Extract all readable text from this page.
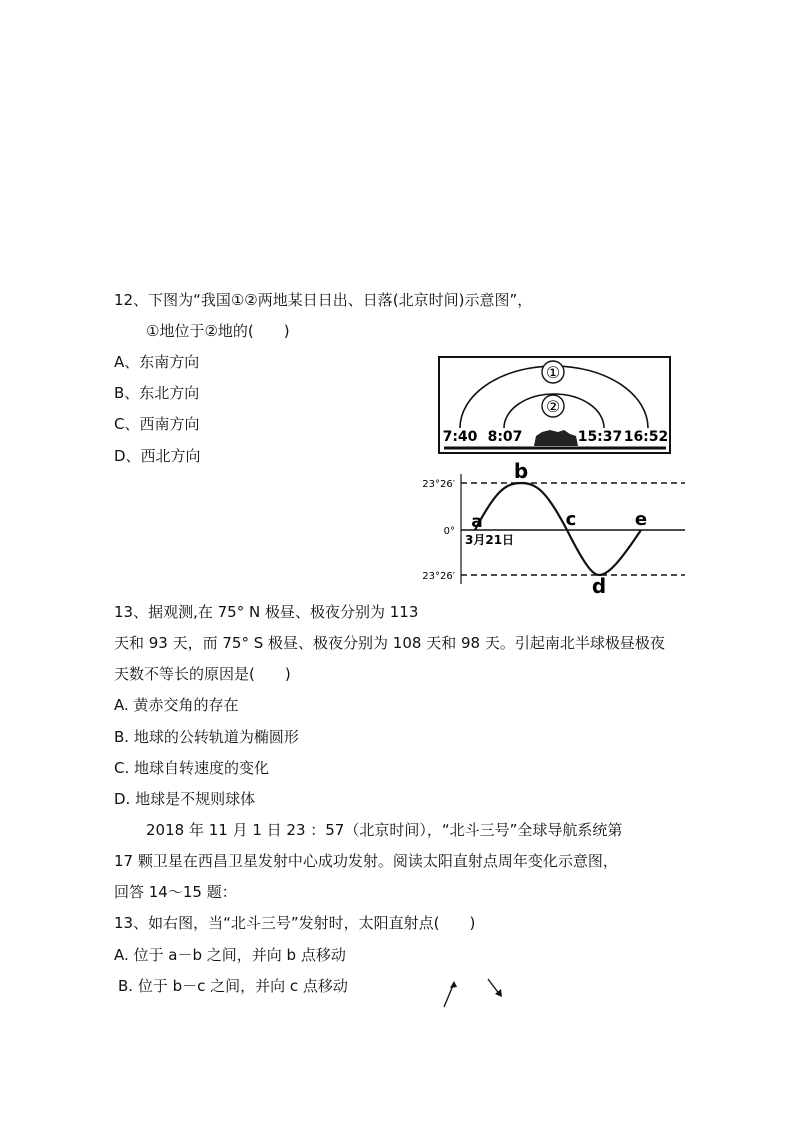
12、下图为“我国①②两地某日日出、日落(北京时间)示意图”，
①地位于②地的(　　)
A、东南方向
B、东北方向
C、西南方向
D、西北方向
①
②
7:40 8:07	15:37 16:52
23°26′
0°
23°26′
a
b
c
d
e
3月21日
13、据观测,在 75° N 极昼、极夜分别为 113
天和 93 天，而 75° S 极昼、极夜分别为 108 天和 98 天。引起南北半球极昼极夜
天数不等长的原因是(　　)
A. 黄赤交角的存在
B. 地球的公转轨道为椭圆形
C. 地球自转速度的变化
D. 地球是不规则球体
2018 年 11 月 1 日 23 ：57（北京时间），“北斗三号”全球导航系统第
17 颗卫星在西昌卫星发射中心成功发射。阅读太阳直射点周年变化示意图，
回答 14～15 题：
13、如右图，当“北斗三号”发射时，太阳直射点(　　)
A. 位于 a－b 之间，并向 b 点移动
B. 位于 b－c 之间，并向 c 点移动
